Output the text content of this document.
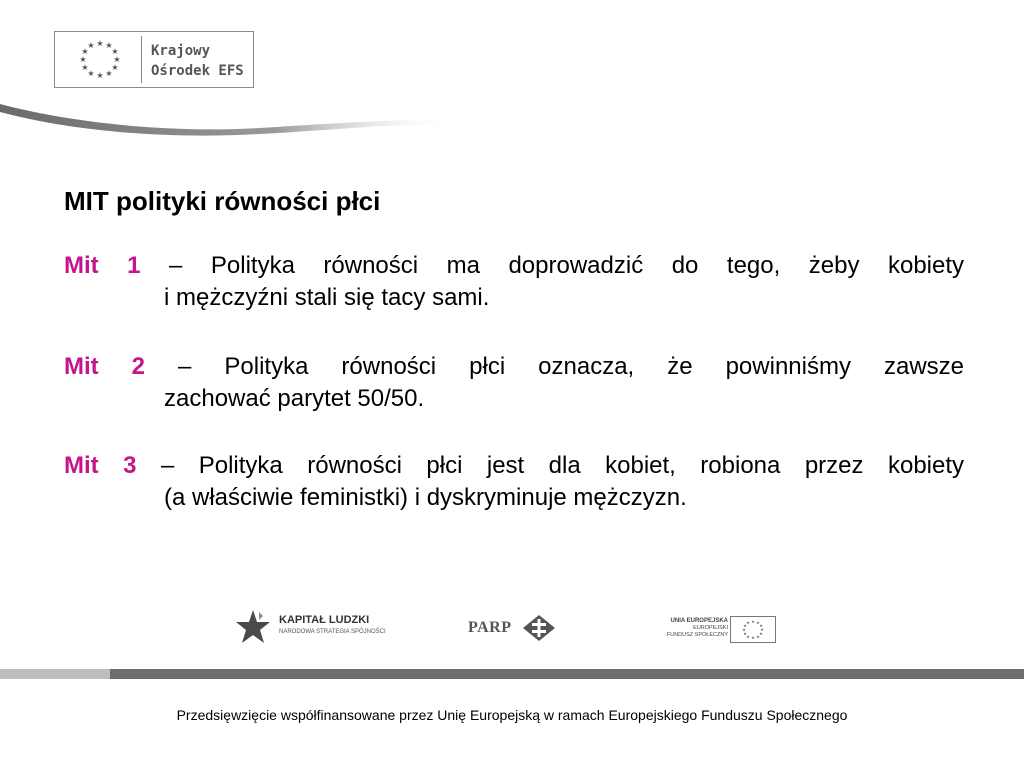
★ ★
★
★
★
★
★
★
★
★
★
★	Krajowy
Ośrodek EFS
MIT polityki równości płci
Mit 1 – Polityka równości ma doprowadzić do tego, żeby kobiety
i mężczyźni stali się tacy sami.
Mit 2 – Polityka równości płci oznacza, że powinniśmy zawsze
zachować parytet 50/50.
Mit 3 – Polityka równości płci jest dla kobiet, robiona przez kobiety
(a właściwie feministki) i dyskryminuje mężczyzn.
KAPITAŁ LUDZKI
NARODOWA STRATEGIA SPÓJNOŚCI	PARP	UNIA EUROPEJSKA
EUROPEJSKI
FUNDUSZ SPOŁECZNY
★ ★
★
★
★
★
★
★
★
★
★
★
Przedsięwzięcie współfinansowane przez Unię Europejską w ramach Europejskiego Funduszu Społecznego
